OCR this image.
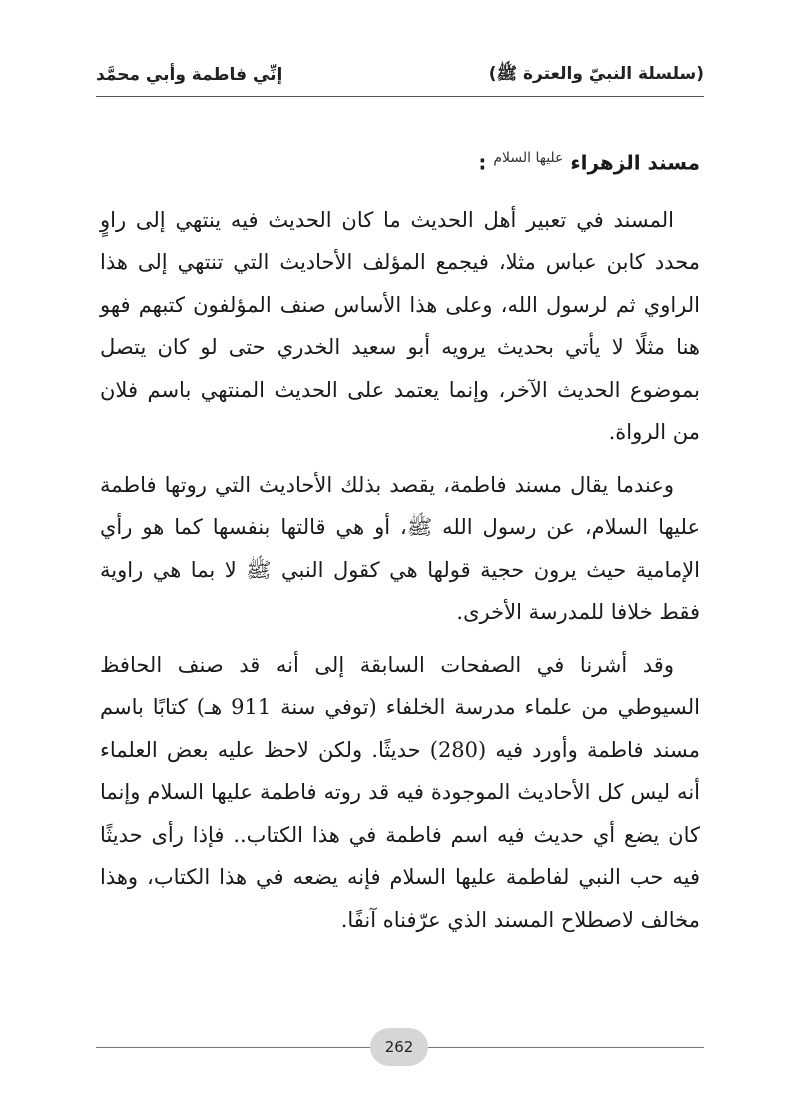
(سلسلة النبيّ والعترة ﷺ)
إنِّي فاطمة وأبي محمَّد
مسند الزهراء $^{عليها السلام}$ :

المسند في تعبير أهل الحديث ما كان الحديث فيه ينتهي إلى راوٍ محدد كابن عباس مثلا، فيجمع المؤلف الأحاديث التي تنتهي إلى هذا الراوي ثم لرسول الله، وعلى هذا الأساس صنف المؤلفون كتبهم فهو هنا مثلًا لا يأتي بحديث يرويه أبو سعيد الخدري حتى لو كان يتصل بموضوع الحديث الآخر، وإنما يعتمد على الحديث المنتهي باسم فلان من الرواة.

وعندما يقال مسند فاطمة، يقصد بذلك الأحاديث التي روتها فاطمة عليها السلام، عن رسول الله ﷺ، أو هي قالتها بنفسها كما هو رأي الإمامية حيث يرون حجية قولها هي كقول النبي ﷺ لا بما هي راوية فقط خلافا للمدرسة الأخرى.

وقد أشرنا في الصفحات السابقة إلى أنه قد صنف الحافظ السيوطي من علماء مدرسة الخلفاء (توفي سنة 911 هـ) كتابًا باسم مسند فاطمة وأورد فيه (280) حديثًا. ولكن لاحظ عليه بعض العلماء أنه ليس كل الأحاديث الموجودة فيه قد روته فاطمة عليها السلام وإنما كان يضع أي حديث فيه اسم فاطمة في هذا الكتاب.. فإذا رأى حديثًا فيه حب النبي لفاطمة عليها السلام فإنه يضعه في هذا الكتاب، وهذا مخالف لاصطلاح المسند الذي عرّفناه آنفًا.

262
